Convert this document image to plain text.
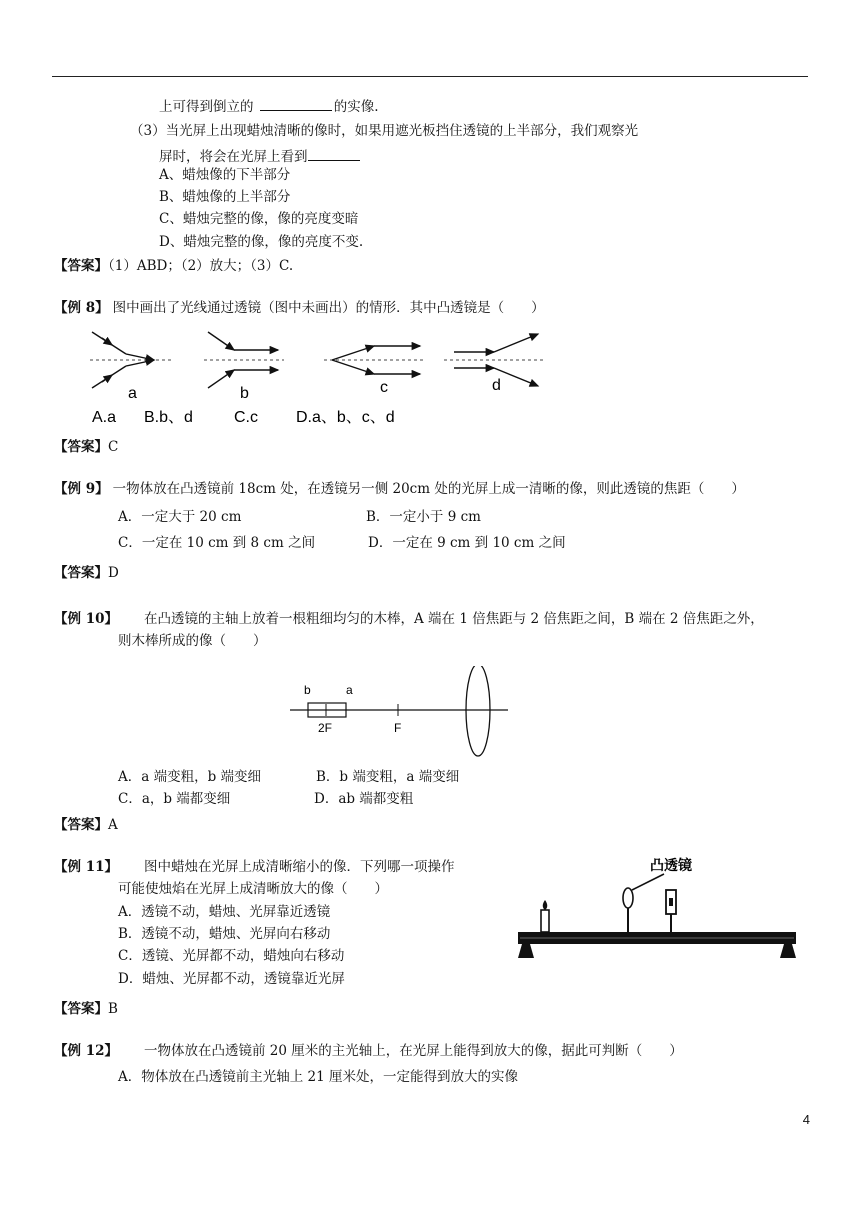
上可得到倒立的	的实像.
（3）当光屏上出现蜡烛清晰的像时，如果用遮光板挡住透镜的上半部分，我们观察光
屏时，将会在光屏上看到
A、蜡烛像的下半部分
B、蜡烛像的上半部分
C、蜡烛完整的像，像的亮度变暗
D、蜡烛完整的像，像的亮度不变.
【答案】（1）ABD；（2）放大；（3）C.
【例 8】 图中画出了光线通过透镜（图中未画出）的情形．其中凸透镜是（　　）
a	b	c	d
A.a B.b、d	C.c D.a、b、c、d
【答案】C
【例 9】 一物体放在凸透镜前 18cm 处，在透镜另一侧 20cm 处的光屏上成一清晰的像，则此透镜的焦距（　　）
A．一定大于 20 cm	B．一定小于 9 cm
C．一定在 10 cm 到 8 cm 之间	D．一定在 9 cm 到 10 cm 之间
【答案】D
【例 10】 在凸透镜的主轴上放着一根粗细均匀的木棒，A 端在 1 倍焦距与 2 倍焦距之间，B 端在 2 倍焦距之外，
则木棒所成的像（　　）
b	a
2F	F
A．a 端变粗，b 端变细	B．b 端变粗，a 端变细
C．a，b 端都变细	D．ab 端都变粗
【答案】A
【例 11】 图中蜡烛在光屏上成清晰缩小的像．下列哪一项操作
可能使烛焰在光屏上成清晰放大的像（　　）
A．透镜不动，蜡烛、光屏靠近透镜
B．透镜不动，蜡烛、光屏向右移动
C．透镜、光屏都不动，蜡烛向右移动
D．蜡烛、光屏都不动，透镜靠近光屏
凸透镜
【答案】B
【例 12】 一物体放在凸透镜前 20 厘米的主光轴上，在光屏上能得到放大的像，据此可判断（　　）
A．物体放在凸透镜前主光轴上 21 厘米处，一定能得到放大的实像
4
